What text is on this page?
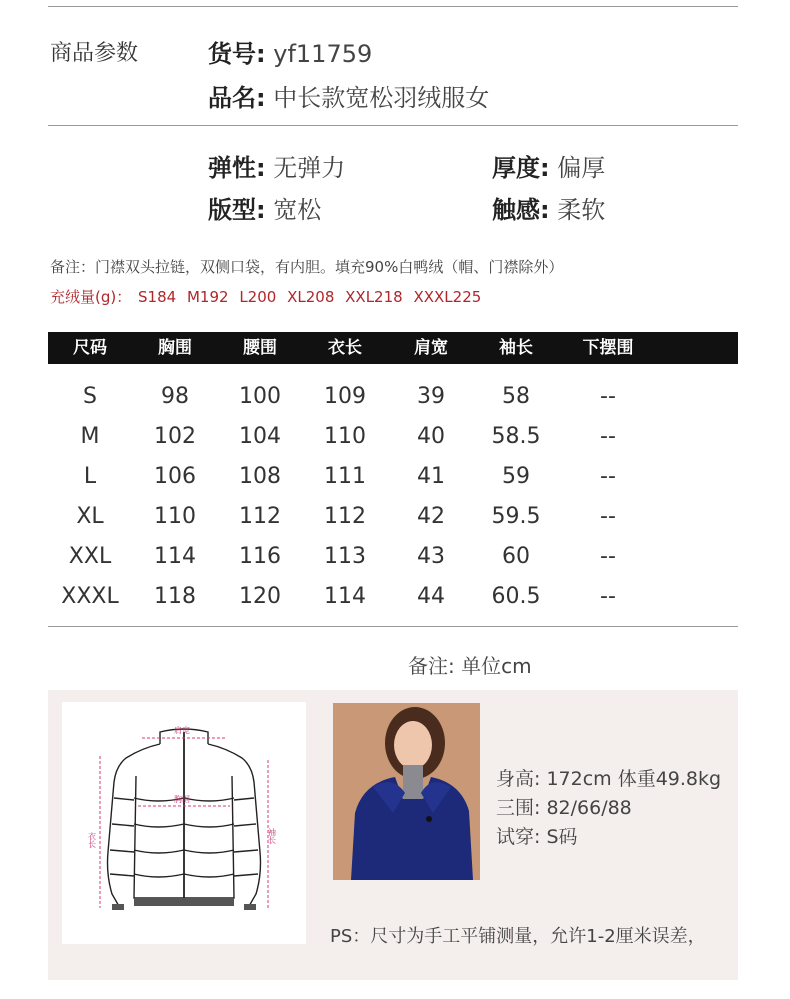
商品参数	货号: yf11759
品名: 中长款宽松羽绒服女
弹性: 无弹力	厚度: 偏厚
版型: 宽松	触感: 柔软
备注：门襟双头拉链，双侧口袋，有内胆。填充90%白鸭绒（帽、门襟除外）
充绒量(g)： S184 M192 L200 XL208 XXL218 XXXL225
尺码	胸围	腰围	衣长	肩宽	袖长	下摆围
S	98	100	109	39	58	--
M	102	104	110	40	58.5	--
L	106	108	111	41	59	--
XL	110	112	112	42	59.5	--
XXL	114	116	113	43	60	--
XXXL	118	120	114	44	60.5	--
备注: 单位cm
肩宽
胸围
衣长	袖长
身高: 172cm 体重49.8kg
三围: 82/66/88
试穿: S码
PS：尺寸为手工平铺测量，允许1-2厘米误差，
